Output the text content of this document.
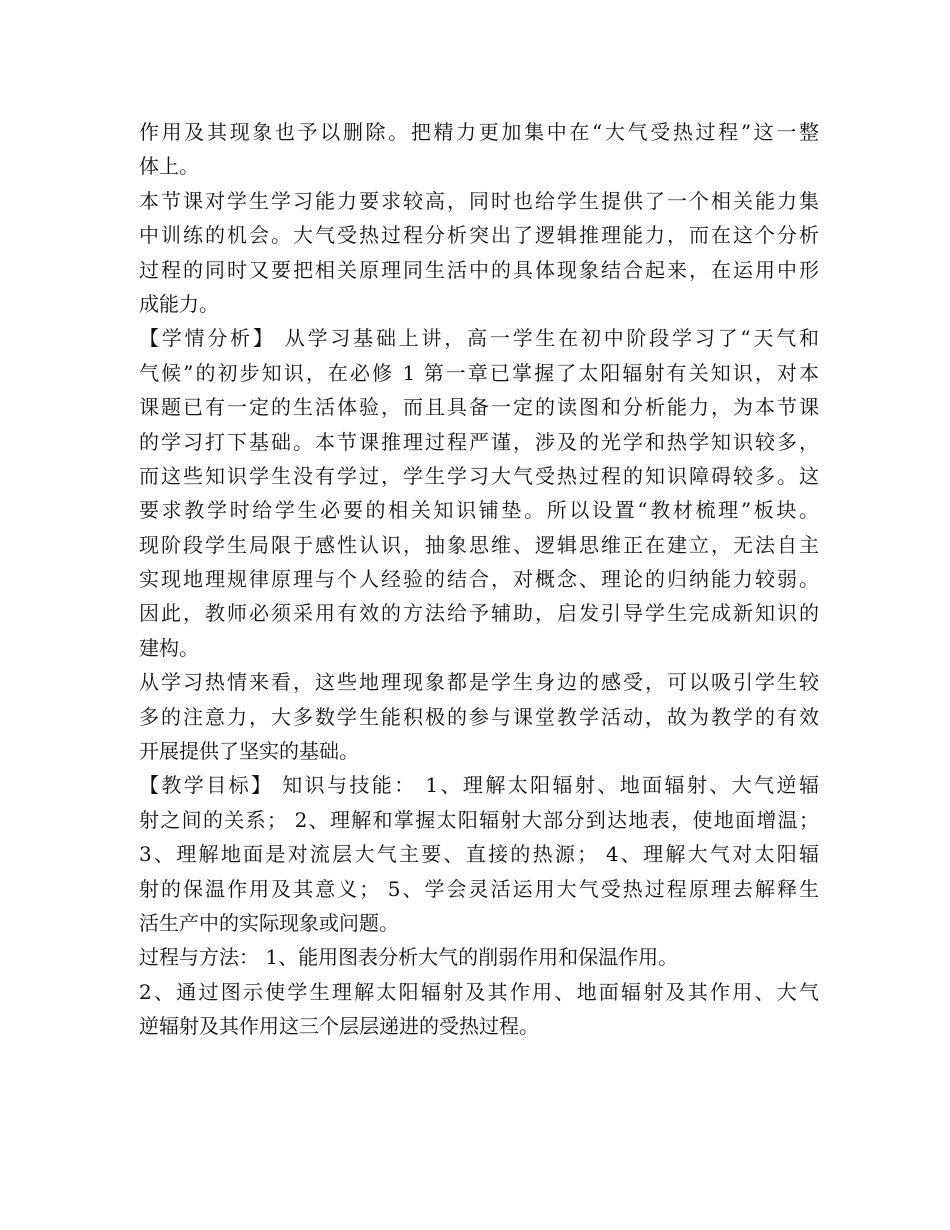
作用及其现象也予以删除。把精力更加集中在“大气受热过程”这一整
体上。
本节课对学生学习能力要求较高，同时也给学生提供了一个相关能力集
中训练的机会。大气受热过程分析突出了逻辑推理能力，而在这个分析
过程的同时又要把相关原理同生活中的具体现象结合起来，在运用中形
成能力。
【学情分析】 从学习基础上讲，高一学生在初中阶段学习了“天气和
气候”的初步知识，在必修 1 第一章已掌握了太阳辐射有关知识，对本
课题已有一定的生活体验，而且具备一定的读图和分析能力，为本节课
的学习打下基础。本节课推理过程严谨，涉及的光学和热学知识较多，
而这些知识学生没有学过，学生学习大气受热过程的知识障碍较多。这
要求教学时给学生必要的相关知识铺垫。所以设置“教材梳理”板块。
现阶段学生局限于感性认识，抽象思维、逻辑思维正在建立，无法自主
实现地理规律原理与个人经验的结合，对概念、理论的归纳能力较弱。
因此，教师必须采用有效的方法给予辅助，启发引导学生完成新知识的
建构。
从学习热情来看，这些地理现象都是学生身边的感受，可以吸引学生较
多的注意力，大多数学生能积极的参与课堂教学活动，故为教学的有效
开展提供了坚实的基础。
【教学目标】 知识与技能： 1、理解太阳辐射、地面辐射、大气逆辐
射之间的关系； 2、理解和掌握太阳辐射大部分到达地表，使地面增温；
3、理解地面是对流层大气主要、直接的热源； 4、理解大气对太阳辐
射的保温作用及其意义； 5、学会灵活运用大气受热过程原理去解释生
活生产中的实际现象或问题。
过程与方法： 1、能用图表分析大气的削弱作用和保温作用。
2、通过图示使学生理解太阳辐射及其作用、地面辐射及其作用、大气
逆辐射及其作用这三个层层递进的受热过程。
